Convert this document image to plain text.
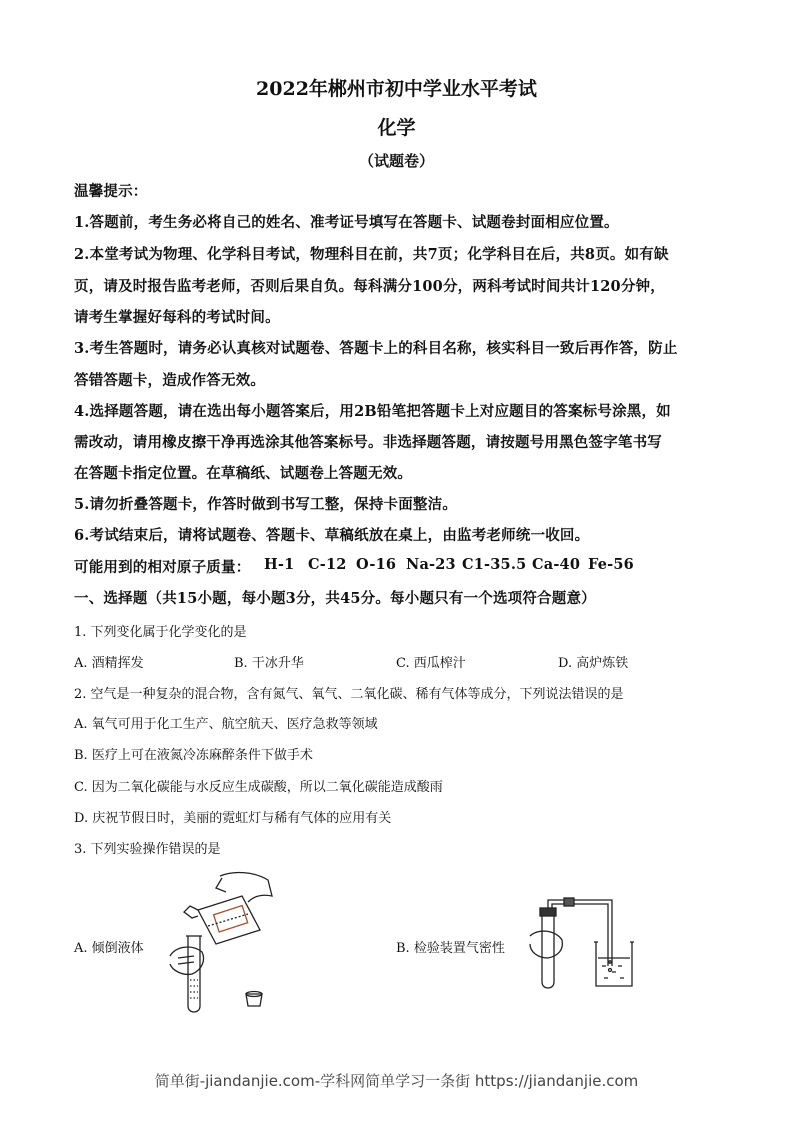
2022年郴州市初中学业水平考试
化学
（试题卷）
温馨提示：
1.答题前，考生务必将自己的姓名、准考证号填写在答题卡、试题卷封面相应位置。
2.本堂考试为物理、化学科目考试，物理科目在前，共7页；化学科目在后，共8页。如有缺
页，请及时报告监考老师，否则后果自负。每科满分100分，两科考试时间共计120分钟，
请考生掌握好每科的考试时间。
3.考生答题时，请务必认真核对试题卷、答题卡上的科目名称，核实科目一致后再作答，防止
答错答题卡，造成作答无效。
4.选择题答题，请在选出每小题答案后，用2B铅笔把答题卡上对应题目的答案标号涂黑，如
需改动，请用橡皮擦干净再选涂其他答案标号。非选择题答题，请按题号用黑色签字笔书写
在答题卡指定位置。在草稿纸、试题卷上答题无效。
5.请勿折叠答题卡，作答时做到书写工整，保持卡面整洁。
6.考试结束后，请将试题卷、答题卡、草稿纸放在桌上，由监考老师统一收回。
可能用到的相对原子质量： H-1 C-12 O-16 Na-23 C1-35.5 Ca-40 Fe-56
一、选择题（共15小题，每小题3分，共45分。每小题只有一个选项符合题意）
1. 下列变化属于化学变化的是
A. 酒精挥发	B. 干冰升华	C. 西瓜榨汁	D. 高炉炼铁
2. 空气是一种复杂的混合物，含有氮气、氧气、二氧化碳、稀有气体等成分，下列说法错误的是
A. 氧气可用于化工生产、航空航天、医疗急救等领域
B. 医疗上可在液氮冷冻麻醉条件下做手术
C. 因为二氧化碳能与水反应生成碳酸，所以二氧化碳能造成酸雨
D. 庆祝节假日时，美丽的霓虹灯与稀有气体的应用有关
3. 下列实验操作错误的是
A. 倾倒液体	B. 检验装置气密性
简单街-jiandanjie.com-学科网简单学习一条街 https://jiandanjie.com
